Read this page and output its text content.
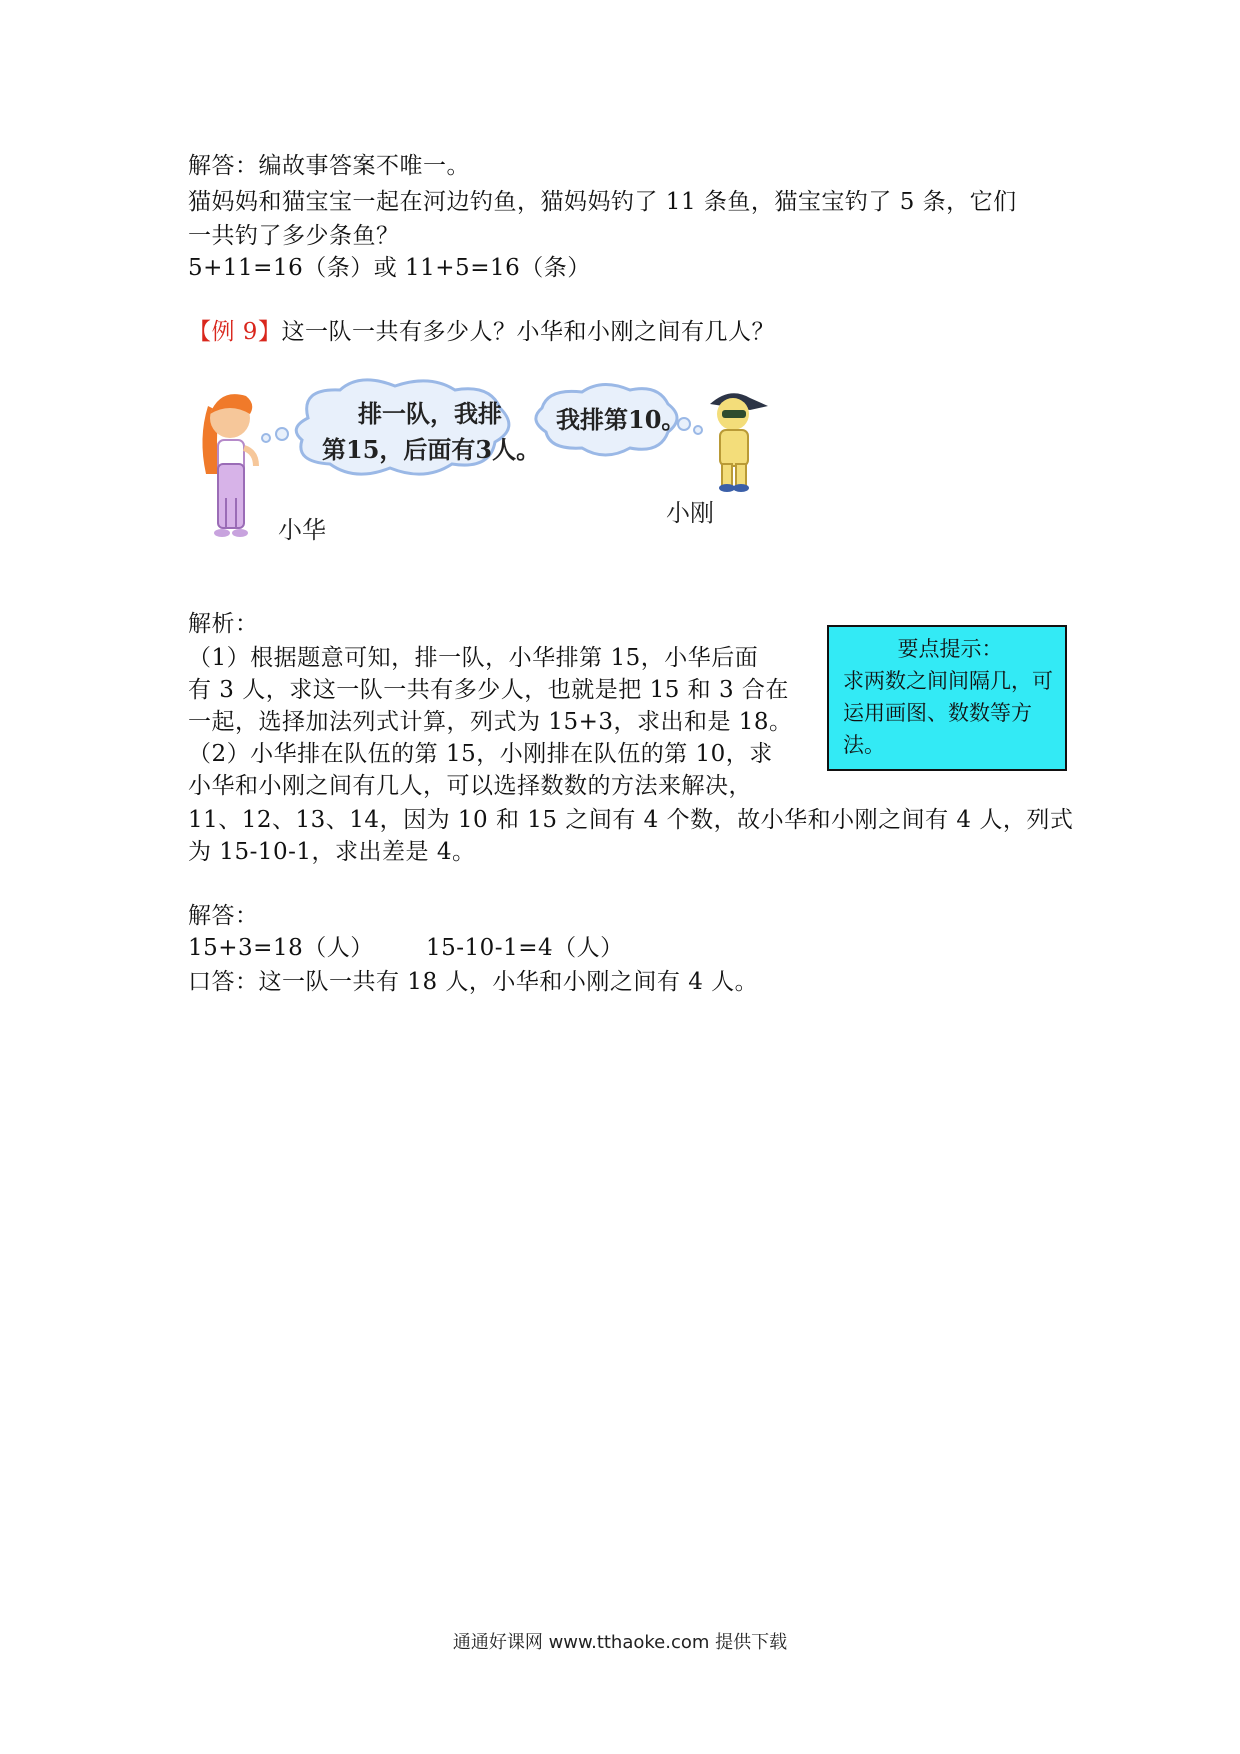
解答：编故事答案不唯一。
猫妈妈和猫宝宝一起在河边钓鱼，猫妈妈钓了 11 条鱼，猫宝宝钓了 5 条，它们
一共钓了多少条鱼？
5+11=16（条）或 11+5=16（条）
【例 9】这一队一共有多少人？小华和小刚之间有几人？
小华
排一队，我排
第15，后面有3人。
我排第10。
小刚
解析：
（1）根据题意可知，排一队，小华排第 15，小华后面
有 3 人，求这一队一共有多少人，也就是把 15 和 3 合在
一起，选择加法列式计算，列式为 15+3，求出和是 18。
（2）小华排在队伍的第 15，小刚排在队伍的第 10，求
小华和小刚之间有几人，可以选择数数的方法来解决，
11、12、13、14，因为 10 和 15 之间有 4 个数，故小华和小刚之间有 4 人，列式
为 15-10-1，求出差是 4。
要点提示：
求两数之间间隔几，可
运用画图、数数等方
法。
解答：
15+3=18（人） 15-10-1=4（人）
口答：这一队一共有 18 人，小华和小刚之间有 4 人。
通通好课网 www.tthaoke.com 提供下载
